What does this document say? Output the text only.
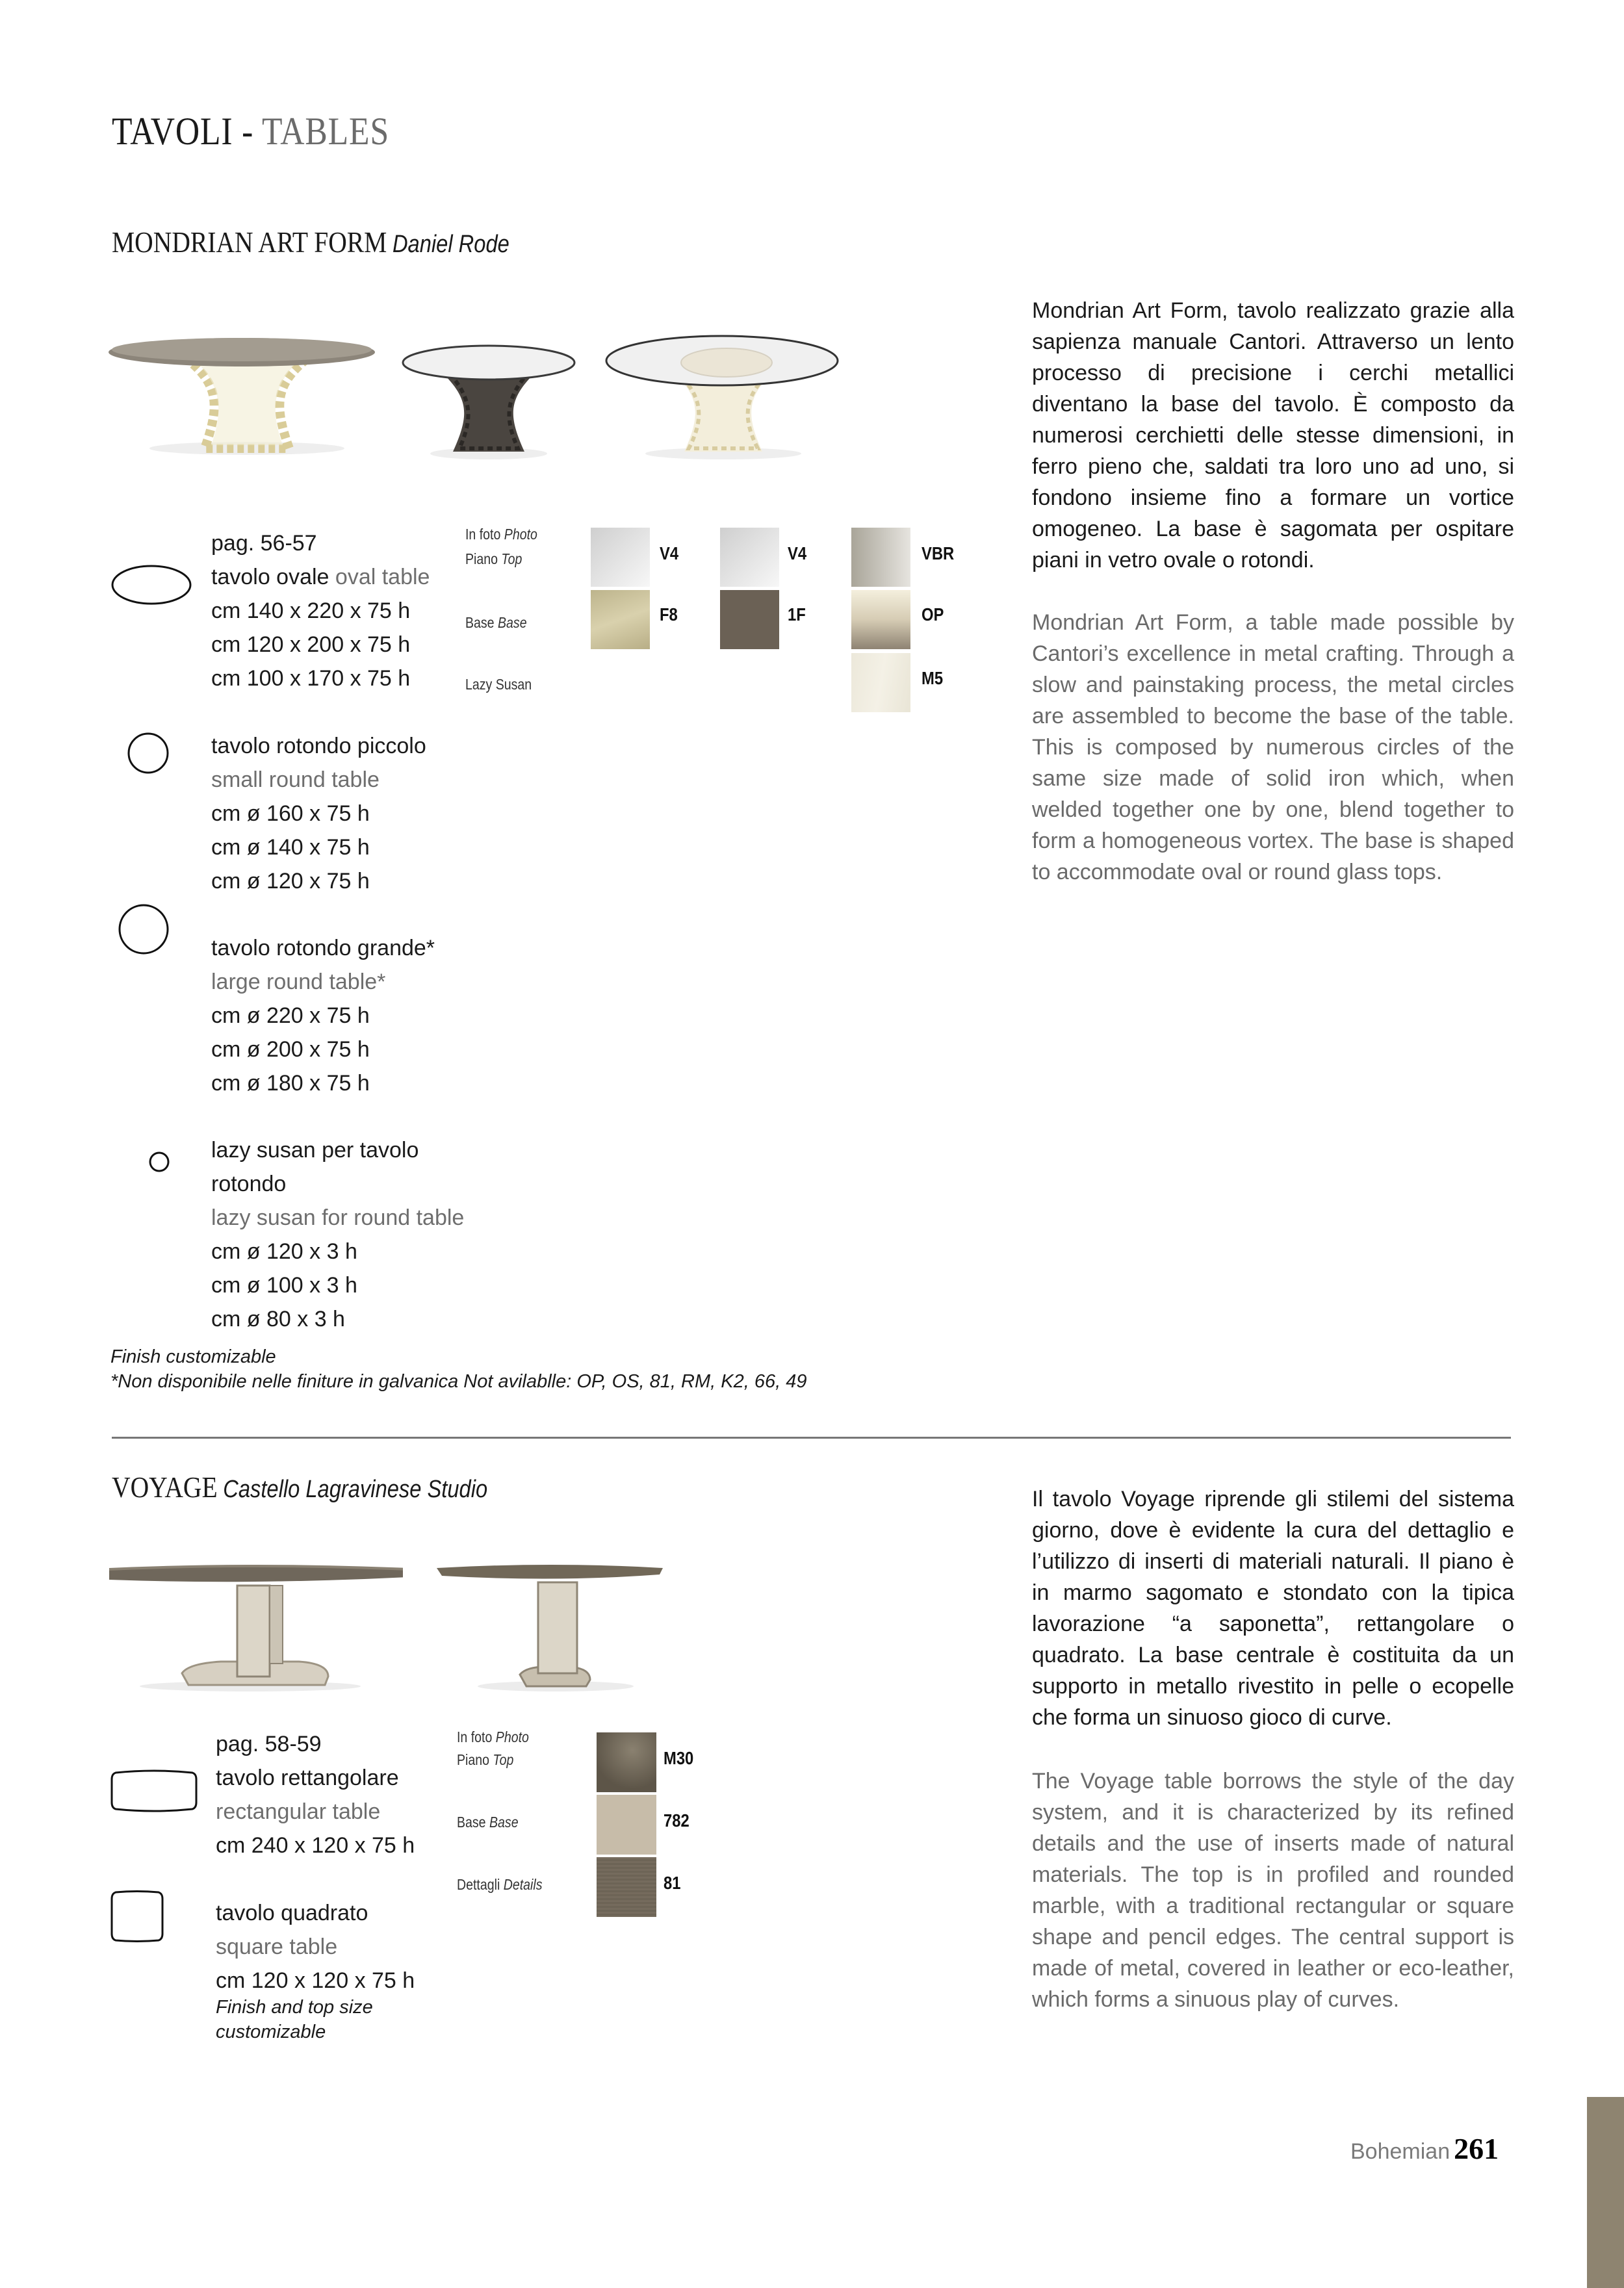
TAVOLI - TABLES
MONDRIAN ART FORM Daniel Rode
pag. 56-57
tavolo ovale oval table
cm 140 x 220 x 75 h
cm 120 x 200 x 75 h
cm 100 x 170 x 75 h
tavolo rotondo piccolo
small round table
cm ø 160 x 75 h
cm ø 140 x 75 h
cm ø 120 x 75 h
tavolo rotondo grande*
large round table*
cm ø 220 x 75 h
cm ø 200 x 75 h
cm ø 180 x 75 h
lazy susan per tavolo
rotondo
lazy susan for round table
cm ø 120 x 3 h
cm ø 100 x 3 h
cm ø 80 x 3 h
Finish customizable
*Non disponibile nelle finiture in galvanica Not avilablle: OP, OS, 81, RM, K2, 66, 49
In foto Photo
Piano Top
Base Base
Lazy Susan
V4
F8
V4
1F
VBR
OP
M5
Mondrian Art Form, tavolo realizzato grazie alla sapienza manuale Cantori. Attraverso un lento processo di precisione i cerchi metallici diventano la base del tavolo. È composto da numerosi cerchietti delle stesse dimensioni, in ferro pieno che, saldati tra loro uno ad uno, si fondono insieme fino a formare un vortice omogeneo. La base è sagomata per ospitare piani in vetro ovale o rotondi.
Mondrian Art Form, a table made possible by Cantori’s excellence in metal crafting. Through a slow and painstaking process, the metal circles are assembled to become the base of the table. This is composed by numerous circles of the same size made of solid iron which, when welded together one by one, blend together to form a homogeneous vortex. The base is shaped to accommodate oval or round glass tops.
VOYAGE Castello Lagravinese Studio
pag. 58-59
tavolo rettangolare
rectangular table
cm 240 x 120 x 75 h
tavolo quadrato
square table
cm 120 x 120 x 75 h
Finish and top size
customizable
In foto Photo
Piano Top
Base Base
Dettagli Details
M30
782
81
Il tavolo Voyage riprende gli stilemi del sistema giorno, dove è evidente la cura del dettaglio e l’utilizzo di inserti di materiali naturali. Il piano è in marmo sagomato e stondato con la tipica lavorazione “a saponetta”, rettangolare o quadrato. La base centrale è costituita da un supporto in metallo rivestito in pelle o ecopelle che forma un sinuoso gioco di curve.
The Voyage table borrows the style of the day system, and it is characterized by its refined details and the use of inserts made of natural materials. The top is in profiled and rounded marble, with a traditional rectangular or square shape and pencil edges. The central support is made of metal, covered in leather or eco-leather, which forms a sinuous play of curves.
Bohemian 261
